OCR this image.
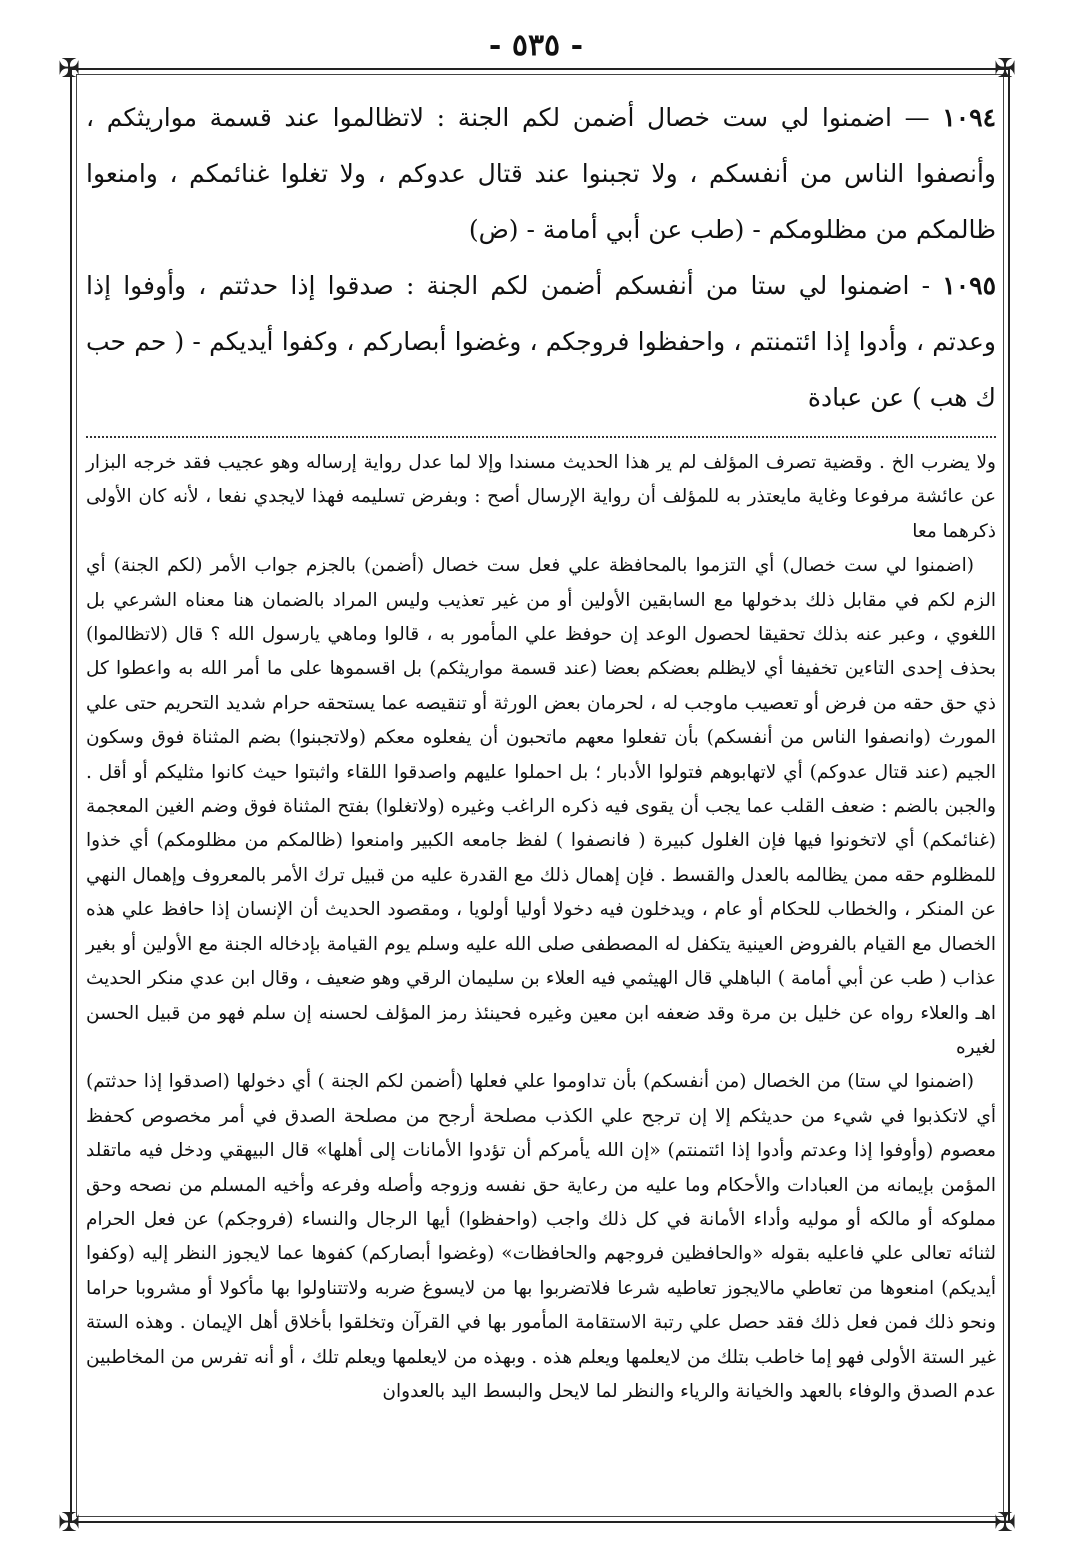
- ٥٣٥ -
✠	✠
✠	✠

١٠٩٤ — اضمنوا لي ست خصال أضمن لكم الجنة : لاتظالموا عند قسمة مواريثكم ، وأنصفوا الناس من أنفسكم ، ولا تجبنوا عند قتال عدوكم ، ولا تغلوا غنائمكم ، وامنعوا ظالمكم من مظلومكم - (طب عن أبي أمامة - (ض)

١٠٩٥ - اضمنوا لي ستا من أنفسكم أضمن لكم الجنة : صدقوا إذا حدثتم ، وأوفوا إذا وعدتم ، وأدوا إذا ائتمنتم ، واحفظوا فروجكم ، وغضوا أبصاركم ، وكفوا أيديكم - ( حم حب ك هب ) عن عبادة

ولا يضرب الخ . وقضية تصرف المؤلف لم ير هذا الحديث مسندا وإلا لما عدل رواية إرساله وهو عجيب فقد خرجه البزار عن عائشة مرفوعا وغاية مايعتذر به للمؤلف أن رواية الإرسال أصح : وبفرض تسليمه فهذا لايجدي نفعا ، لأنه كان الأولى ذكرهما معا

(اضمنوا لي ست خصال) أي التزموا بالمحافظة علي فعل ست خصال (أضمن) بالجزم جواب الأمر (لكم الجنة) أي الزم لكم في مقابل ذلك بدخولها مع السابقين الأولين أو من غير تعذيب وليس المراد بالضمان هنا معناه الشرعي بل اللغوي ، وعبر عنه بذلك تحقيقا لحصول الوعد إن حوفظ علي المأمور به ، قالوا وماهي يارسول الله ؟ قال (لاتظالموا) بحذف إحدى التاءين تخفيفا أي لايظلم بعضكم بعضا (عند قسمة مواريثكم) بل اقسموها على ما أمر الله به واعطوا كل ذي حق حقه من فرض أو تعصيب ماوجب له ، لحرمان بعض الورثة أو تنقيصه عما يستحقه حرام شديد التحريم حتى علي المورث (وانصفوا الناس من أنفسكم) بأن تفعلوا معهم ماتحبون أن يفعلوه معكم (ولاتجبنوا) بضم المثناة فوق وسكون الجيم (عند قتال عدوكم) أي لاتهابوهم فتولوا الأدبار ؛ بل احملوا عليهم واصدقوا اللقاء واثبتوا حيث كانوا مثليكم أو أقل . والجبن بالضم : ضعف القلب عما يجب أن يقوى فيه ذكره الراغب وغيره (ولاتغلوا) بفتح المثناة فوق وضم الغين المعجمة (غنائمكم) أي لاتخونوا فيها فإن الغلول كبيرة ( فانصفوا ) لفظ جامعه الكبير وامنعوا (ظالمكم من مظلومكم) أي خذوا للمظلوم حقه ممن يظالمه بالعدل والقسط . فإن إهمال ذلك مع القدرة عليه من قبيل ترك الأمر بالمعروف وإهمال النهي عن المنكر ، والخطاب للحكام أو عام ، ويدخلون فيه دخولا أوليا أولويا ، ومقصود الحديث أن الإنسان إذا حافظ علي هذه الخصال مع القيام بالفروض العينية يتكفل له المصطفى صلى الله عليه وسلم يوم القيامة بإدخاله الجنة مع الأولين أو بغير عذاب ( طب عن أبي أمامة ) الباهلي قال الهيثمي فيه العلاء بن سليمان الرقي وهو ضعيف ، وقال ابن عدي منكر الحديث اهـ والعلاء رواه عن خليل بن مرة وقد ضعفه ابن معين وغيره فحينئذ رمز المؤلف لحسنه إن سلم فهو من قبيل الحسن لغيره

(اضمنوا لي ستا) من الخصال (من أنفسكم) بأن تداوموا علي فعلها (أضمن لكم الجنة ) أي دخولها (اصدقوا إذا حدثتم) أي لاتكذبوا في شيء من حديثكم إلا إن ترجح علي الكذب مصلحة أرجح من مصلحة الصدق في أمر مخصوص كحفظ معصوم (وأوفوا إذا وعدتم وأدوا إذا ائتمنتم) «إن الله يأمركم أن تؤدوا الأمانات إلى أهلها» قال البيهقي ودخل فيه ماتقلد المؤمن بإيمانه من العبادات والأحكام وما عليه من رعاية حق نفسه وزوجه وأصله وفرعه وأخيه المسلم من نصحه وحق مملوكه أو مالكه أو موليه وأداء الأمانة في كل ذلك واجب (واحفظوا) أيها الرجال والنساء (فروجكم) عن فعل الحرام لثنائه تعالى علي فاعليه بقوله «والحافظين فروجهم والحافظات» (وغضوا أبصاركم) كفوها عما لايجوز النظر إليه (وكفوا أيديكم) امنعوها من تعاطي مالايجوز تعاطيه شرعا فلاتضربوا بها من لايسوغ ضربه ولاتتناولوا بها مأكولا أو مشروبا حراما ونحو ذلك فمن فعل ذلك فقد حصل علي رتبة الاستقامة المأمور بها في القرآن وتخلقوا بأخلاق أهل الإيمان . وهذه الستة غير الستة الأولى فهو إما خاطب بتلك من لايعلمها ويعلم هذه . وبهذه من لايعلمها ويعلم تلك ، أو أنه تفرس من المخاطبين عدم الصدق والوفاء بالعهد والخيانة والرياء والنظر لما لايحل والبسط اليد بالعدوان
